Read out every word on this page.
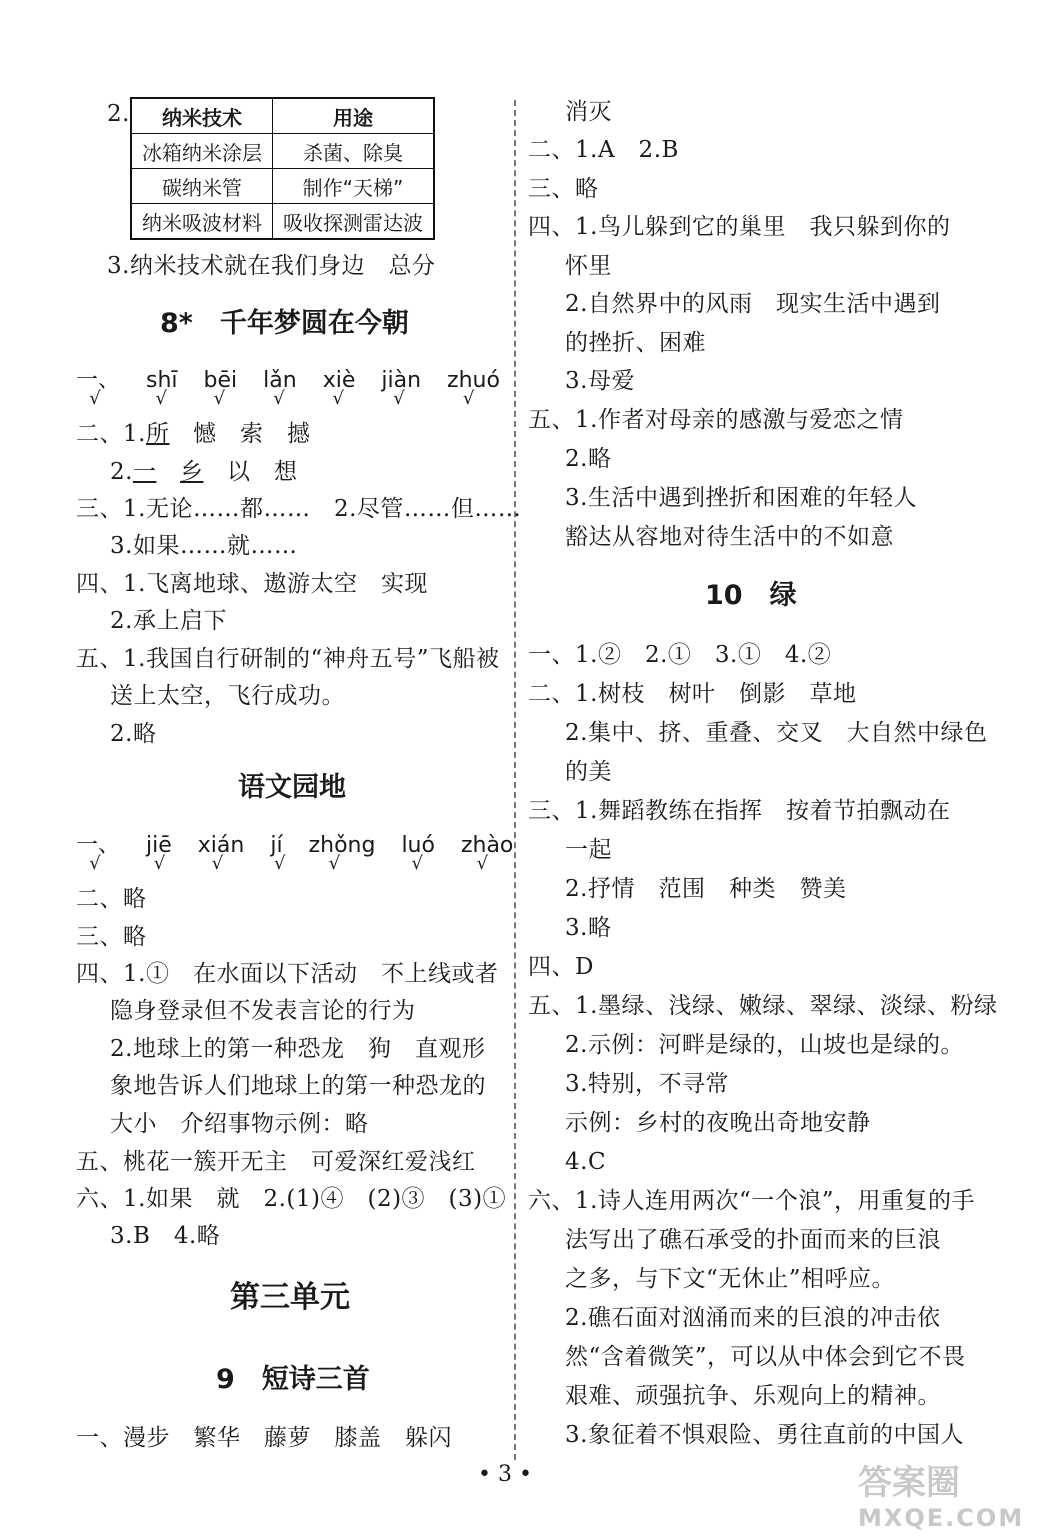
2. 纳米技术	用途
冰箱纳米涂层	杀菌、除臭
碳纳米管	制作“天梯”
纳米吸波材料	吸收探测雷达波
3.纳米技术就在我们身边　总分
8*　千年梦圆在今朝
一、 √ shī √ bēi √ lǎn √ xiè √ jiàn √ zhuó √
二、1.所　憾　索　撼
2.一　 乡　以　想
三、1.无论……都……　2.尽管……但……
3.如果……就……
四、1.飞离地球、遨游太空　实现
2.承上启下
五、1.我国自行研制的“神舟五号”飞船被
送上太空，飞行成功。
2.略
语文园地
一、 √ jiē √ xián √ jí √ zhǒng √ luó √ zhào √
二、略
三、略
四、1.①　在水面以下活动　不上线或者
隐身登录但不发表言论的行为
2.地球上的第一种恐龙　狗　直观形
象地告诉人们地球上的第一种恐龙的
大小　介绍事物示例：略
五、桃花一簇开无主　可爱深红爱浅红
六、1.如果　就　2.(1)④　(2)③　(3)①
3.B　4.略
第三单元
9　短诗三首
一、漫步　繁华　藤萝　膝盖　躲闪
消灭
二、1.A　2.B
三、略
四、1.鸟儿躲到它的巢里　我只躲到你的
怀里
2.自然界中的风雨　现实生活中遇到
的挫折、困难
3.母爱
五、1.作者对母亲的感激与爱恋之情
2.略
3.生活中遇到挫折和困难的年轻人
豁达从容地对待生活中的不如意
10　绿
一、1.②　2.①　3.①　4.②
二、1.树枝　树叶　倒影　草地
2.集中、挤、重叠、交叉　大自然中绿色
的美
三、1.舞蹈教练在指挥　按着节拍飘动在
一起
2.抒情　范围　种类　赞美
3.略
四、D
五、1.墨绿、浅绿、嫩绿、翠绿、淡绿、粉绿
2.示例：河畔是绿的，山坡也是绿的。
3.特别，不寻常
示例：乡村的夜晚出奇地安静
4.C
六、1.诗人连用两次“一个浪”，用重复的手
法写出了礁石承受的扑面而来的巨浪
之多，与下文“无休止”相呼应。
2.礁石面对汹涌而来的巨浪的冲击依
然“含着微笑”，可以从中体会到它不畏
艰难、顽强抗争、乐观向上的精神。
3.象征着不惧艰险、勇往直前的中国人
• 3 •	答案圈
MXQE.COM
